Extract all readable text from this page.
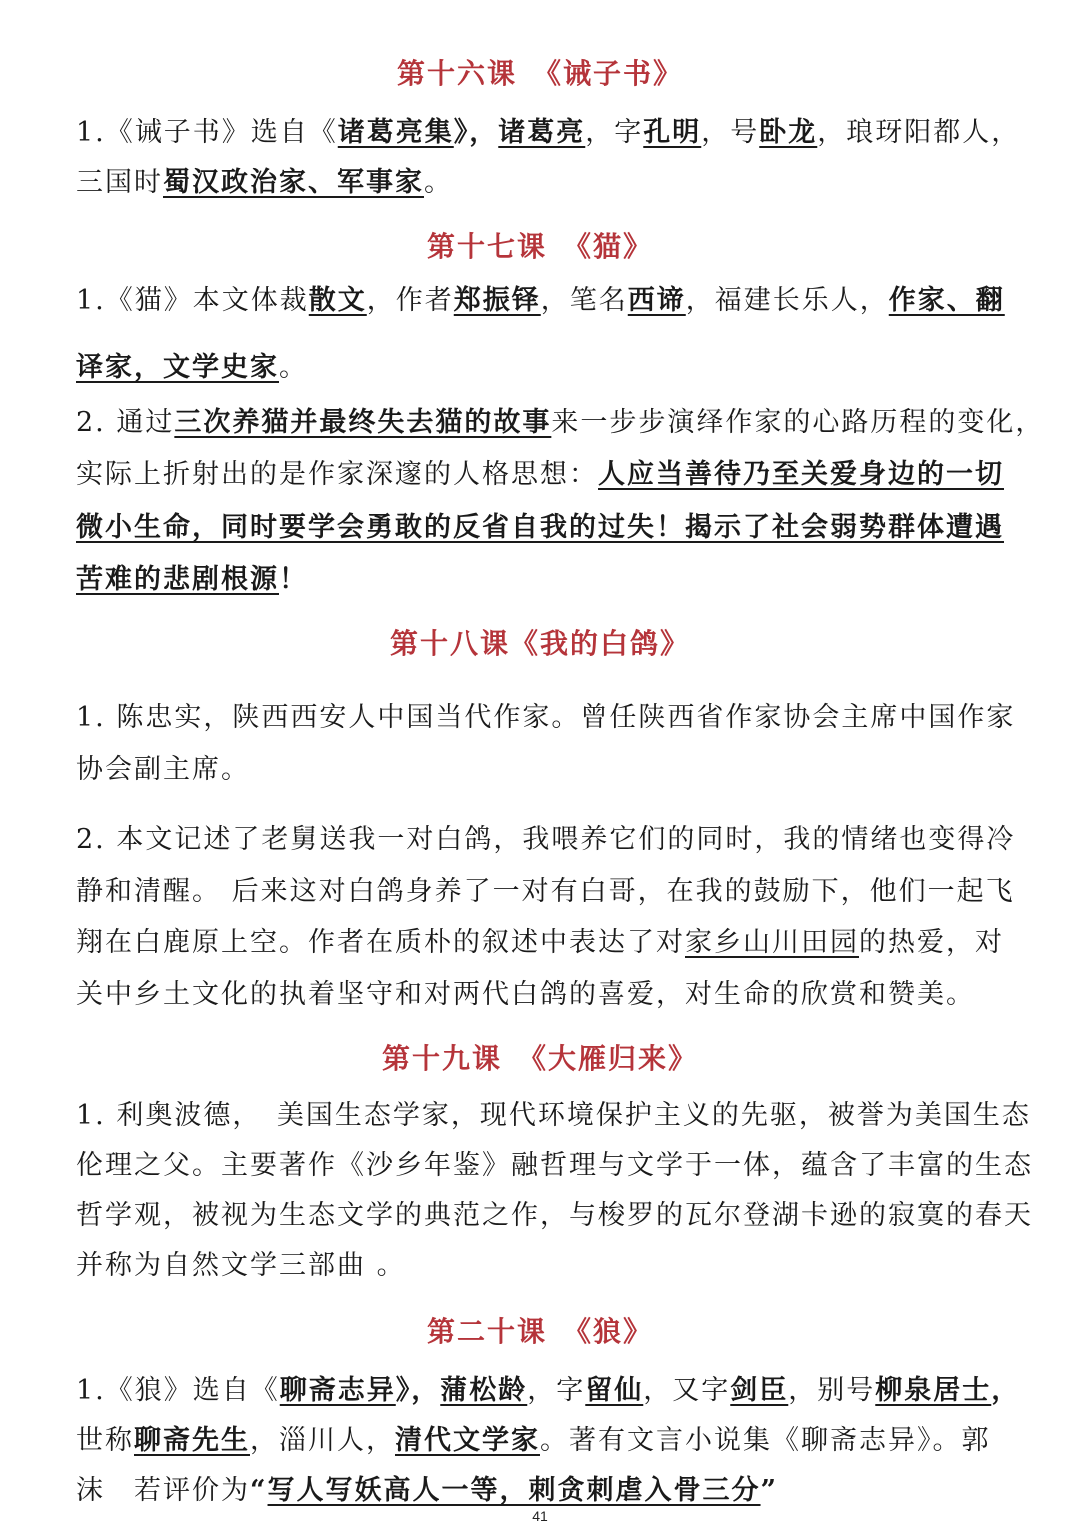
第十六课　《诫子书》

1.《诫子书》选自《诸葛亮集》，诸葛亮，字孔明，号卧龙，琅玡阳都人，

三国时蜀汉政治家、军事家。

第十七课　《猫》

1.《猫》本文体裁散文，作者郑振铎，笔名西谛，福建长乐人，作家、翻

译家，文学史家。

2. 通过三次养猫并最终失去猫的故事来一步步演绎作家的心路历程的变化，

实际上折射出的是作家深邃的人格思想：人应当善待乃至关爱身边的一切

微小生命，同时要学会勇敢的反省自我的过失！揭示了社会弱势群体遭遇

苦难的悲剧根源！

第十八课《我的白鸽》

1. 陈忠实，陕西西安人中国当代作家。曾任陕西省作家协会主席中国作家

协会副主席。

2. 本文记述了老舅送我一对白鸽，我喂养它们的同时，我的情绪也变得冷

静和清醒。 后来这对白鸽身养了一对有白哥，在我的鼓励下，他们一起飞

翔在白鹿原上空。作者在质朴的叙述中表达了对家乡山川田园的热爱，对

关中乡土文化的执着坚守和对两代白鸽的喜爱，对生命的欣赏和赞美。

第十九课　《大雁归来》

1. 利奥波德，　美国生态学家，现代环境保护主义的先驱，被誉为美国生态

伦理之父。主要著作《沙乡年鉴》融哲理与文学于一体，蕴含了丰富的生态

哲学观，被视为生态文学的典范之作，与梭罗的瓦尔登湖卡逊的寂寞的春天

并称为自然文学三部曲 。

第二十课　《狼》

1.《狼》选自《聊斋志异》，蒲松龄，字留仙，又字剑臣，别号柳泉居士，

世称聊斋先生，淄川人，清代文学家。著有文言小说集《聊斋志异》。郭

沫　若评价为“写人写妖高人一等，刺贪刺虐入骨三分”

41
